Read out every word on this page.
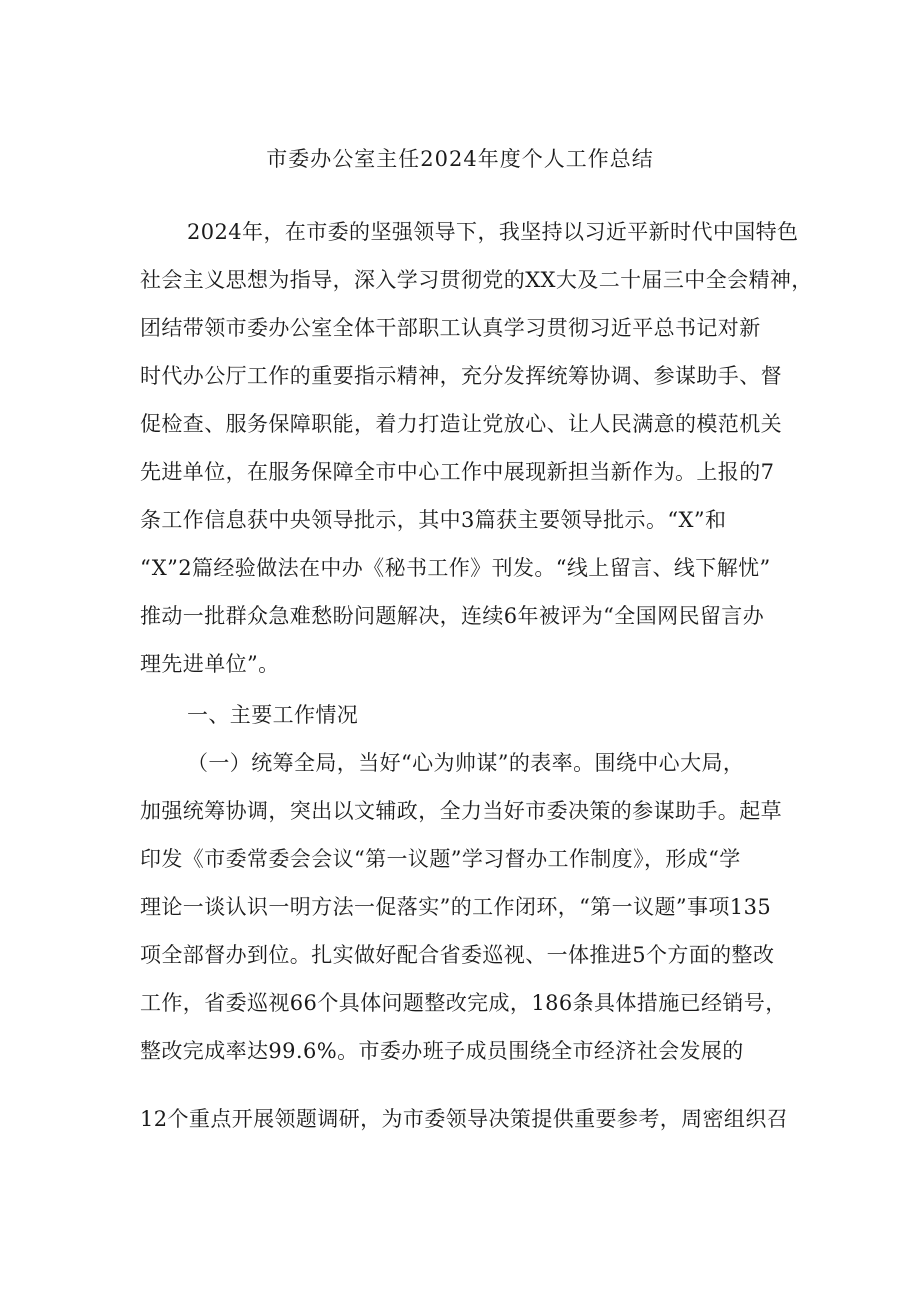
市委办公室主任2024年度个人工作总结
2024年，在市委的坚强领导下，我坚持以习近平新时代中国特色
社会主义思想为指导，深入学习贯彻党的XX大及二十届三中全会精神，
团结带领市委办公室全体干部职工认真学习贯彻习近平总书记对新
时代办公厅工作的重要指示精神，充分发挥统筹协调、参谋助手、督
促检查、服务保障职能，着力打造让党放心、让人民满意的模范机关
先进单位，在服务保障全市中心工作中展现新担当新作为。上报的7
条工作信息获中央领导批示，其中3篇获主要领导批示。“X”和
“X”2篇经验做法在中办《秘书工作》刊发。“线上留言、线下解忧”
推动一批群众急难愁盼问题解决，连续6年被评为“全国网民留言办
理先进单位”。
一、主要工作情况
（一）统筹全局，当好“心为帅谋”的表率。围绕中心大局，
加强统筹协调，突出以文辅政，全力当好市委决策的参谋助手。起草
印发《市委常委会会议“第一议题”学习督办工作制度》，形成“学
理论一谈认识一明方法一促落实”的工作闭环，“第一议题”事项135
项全部督办到位。扎实做好配合省委巡视、一体推进5个方面的整改
工作，省委巡视66个具体问题整改完成，186条具体措施已经销号，
整改完成率达99.6%。市委办班子成员围绕全市经济社会发展的
12个重点开展领题调研，为市委领导决策提供重要参考，周密组织召
